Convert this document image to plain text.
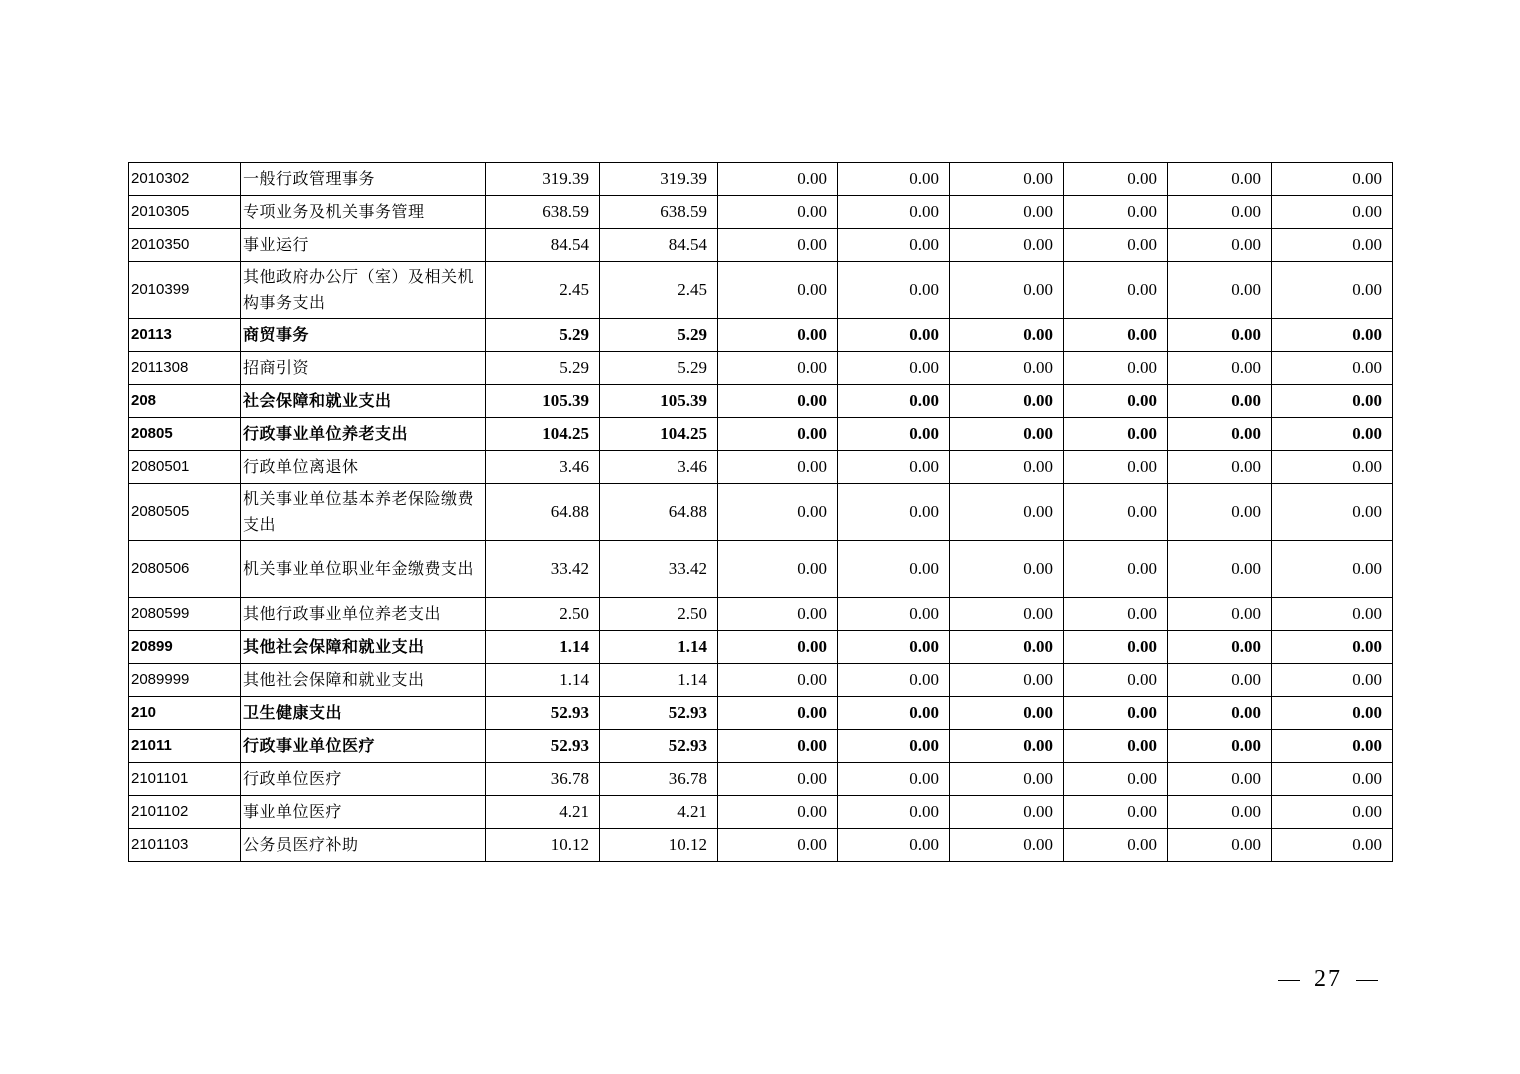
2010302	一般行政管理事务	319.39	319.39	0.00	0.00	0.00	0.00	0.00	0.00
2010305	专项业务及机关事务管理	638.59	638.59	0.00	0.00	0.00	0.00	0.00	0.00
2010350	事业运行	84.54	84.54	0.00	0.00	0.00	0.00	0.00	0.00
2010399	其他政府办公厅（室）及相关机构事务支出	2.45	2.45	0.00	0.00	0.00	0.00	0.00	0.00
20113	商贸事务	5.29	5.29	0.00	0.00	0.00	0.00	0.00	0.00
2011308	招商引资	5.29	5.29	0.00	0.00	0.00	0.00	0.00	0.00
208	社会保障和就业支出	105.39	105.39	0.00	0.00	0.00	0.00	0.00	0.00
20805	行政事业单位养老支出	104.25	104.25	0.00	0.00	0.00	0.00	0.00	0.00
2080501	行政单位离退休	3.46	3.46	0.00	0.00	0.00	0.00	0.00	0.00
2080505	机关事业单位基本养老保险缴费支出	64.88	64.88	0.00	0.00	0.00	0.00	0.00	0.00
2080506	机关事业单位职业年金缴费支出	33.42	33.42	0.00	0.00	0.00	0.00	0.00	0.00
2080599	其他行政事业单位养老支出	2.50	2.50	0.00	0.00	0.00	0.00	0.00	0.00
20899	其他社会保障和就业支出	1.14	1.14	0.00	0.00	0.00	0.00	0.00	0.00
2089999	其他社会保障和就业支出	1.14	1.14	0.00	0.00	0.00	0.00	0.00	0.00
210	卫生健康支出	52.93	52.93	0.00	0.00	0.00	0.00	0.00	0.00
21011	行政事业单位医疗	52.93	52.93	0.00	0.00	0.00	0.00	0.00	0.00
2101101	行政单位医疗	36.78	36.78	0.00	0.00	0.00	0.00	0.00	0.00
2101102	事业单位医疗	4.21	4.21	0.00	0.00	0.00	0.00	0.00	0.00
2101103	公务员医疗补助	10.12	10.12	0.00	0.00	0.00	0.00	0.00	0.00
27
